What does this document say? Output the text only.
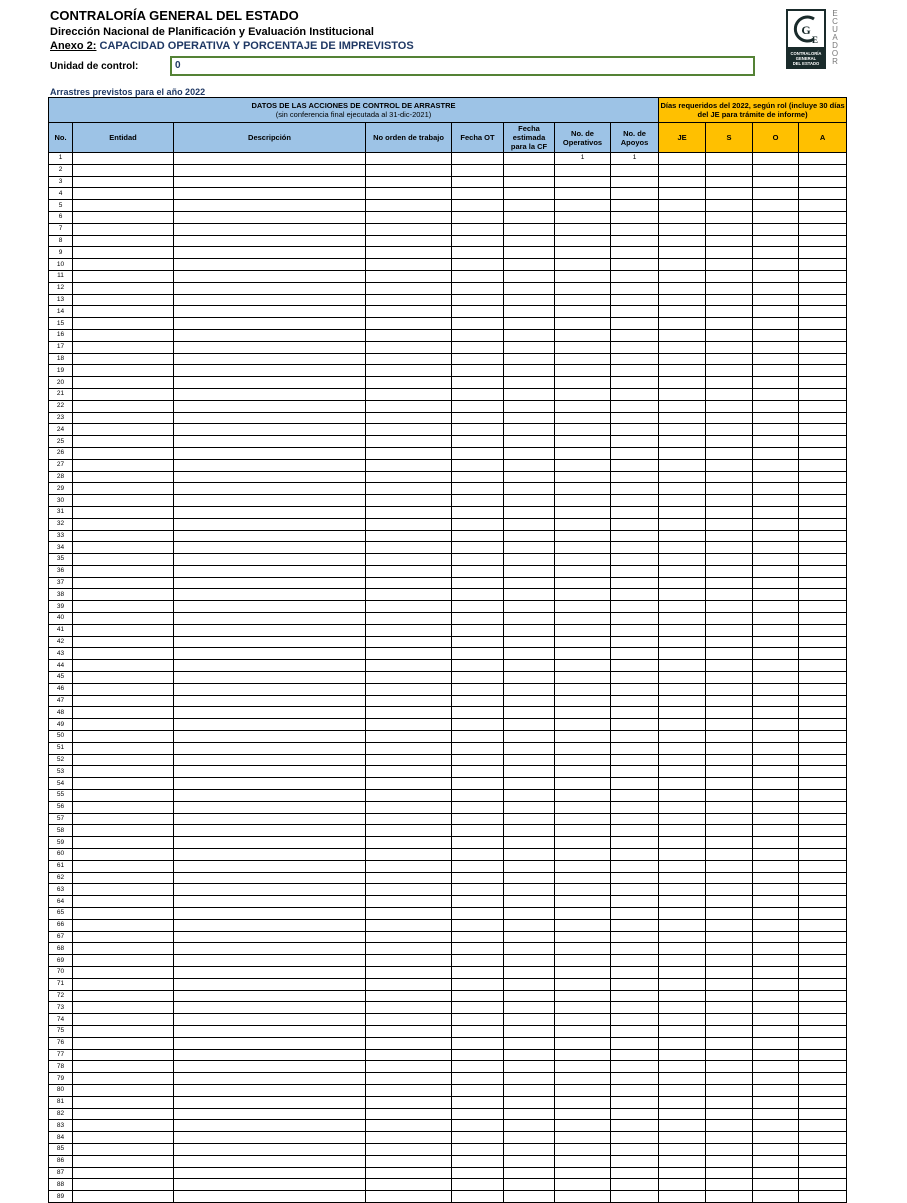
CONTRALORÍA GENERAL DEL ESTADO
Dirección Nacional de Planificación y Evaluación Institucional
Anexo 2: CAPACIDAD OPERATIVA Y PORCENTAJE DE IMPREVISTOS
Unidad de control:	0
Arrastres previstos para el año 2022
G
E
CONTRALORÍA
GENERAL
DEL ESTADO
E
C
U
A
D
O
R
DATOS DE LAS ACCIONES DE CONTROL DE ARRASTRE
(sin conferencia final ejecutada al 31-dic-2021)								Días requeridos del 2022, según rol (incluye 30 días del JE para trámite de informe)			
No.	Entidad	Descripción	No orden de trabajo	Fecha OT	Fecha estimada para la CF	No. de Operativos	No. de Apoyos	JE	S	O	A
1						1	1				
2											
3											
4											
5											
6											
7											
8											
9											
10											
11											
12											
13											
14											
15											
16											
17											
18											
19											
20											
21											
22											
23											
24											
25											
26											
27											
28											
29											
30											
31											
32											
33											
34											
35											
36											
37											
38											
39											
40											
41											
42											
43											
44											
45											
46											
47											
48											
49											
50											
51											
52											
53											
54											
55											
56											
57											
58											
59											
60											
61											
62											
63											
64											
65											
66											
67											
68											
69											
70											
71											
72											
73											
74											
75											
76											
77											
78											
79											
80											
81											
82											
83											
84											
85											
86											
87											
88											
89											
